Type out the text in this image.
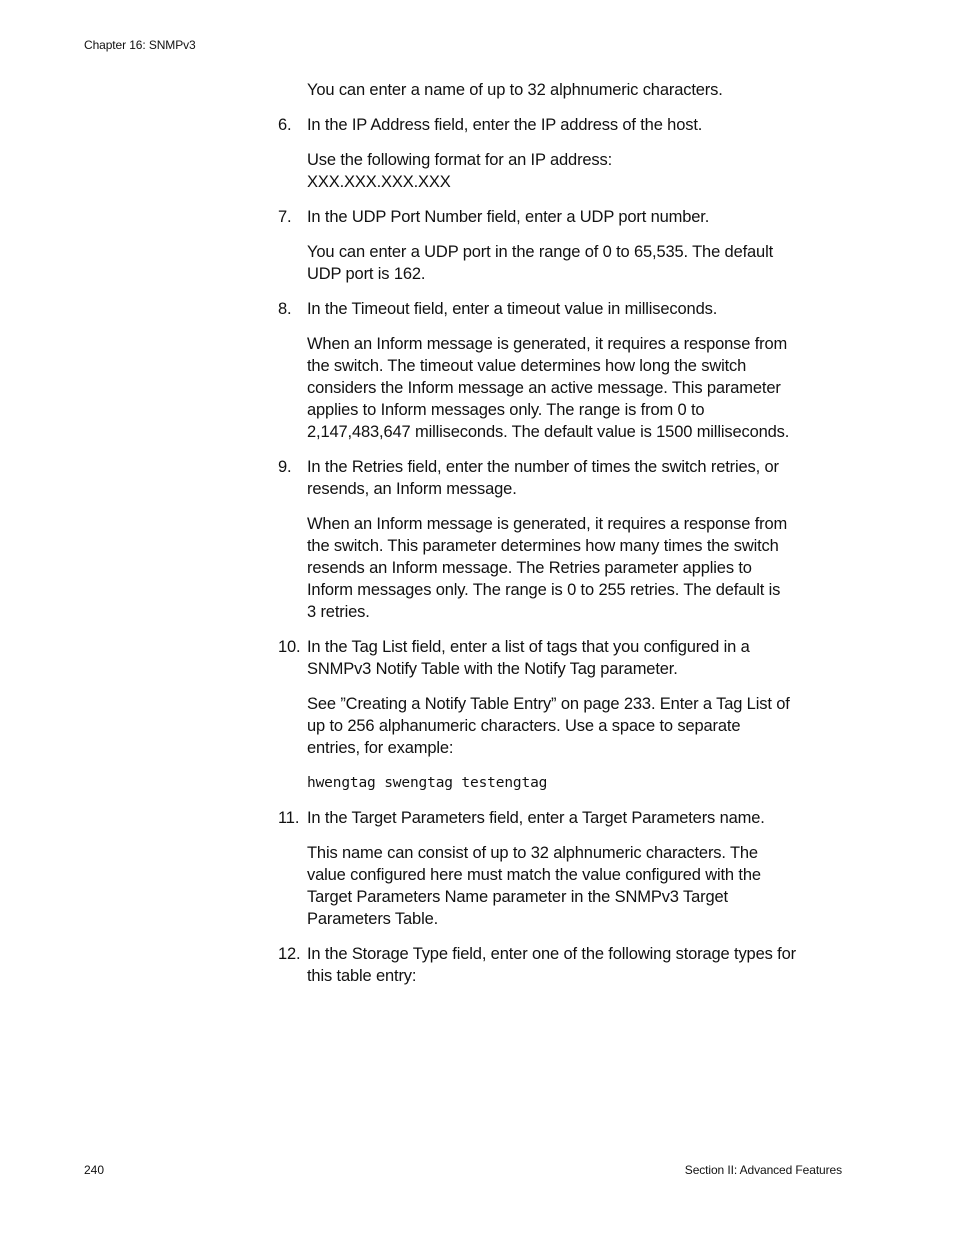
Chapter 16: SNMPv3
You can enter a name of up to 32 alphnumeric characters.
6. In the IP Address field, enter the IP address of the host.
Use the following format for an IP address:
XXX.XXX.XXX.XXX
7. In the UDP Port Number field, enter a UDP port number.
You can enter a UDP port in the range of 0 to 65,535. The default
UDP port is 162.
8. In the Timeout field, enter a timeout value in milliseconds.
When an Inform message is generated, it requires a response from
the switch. The timeout value determines how long the switch
considers the Inform message an active message. This parameter
applies to Inform messages only. The range is from 0 to
2,147,483,647 milliseconds. The default value is 1500 milliseconds.
9. In the Retries field, enter the number of times the switch retries, or
resends, an Inform message.
When an Inform message is generated, it requires a response from
the switch. This parameter determines how many times the switch
resends an Inform message. The Retries parameter applies to
Inform messages only. The range is 0 to 255 retries. The default is
3 retries.
10. In the Tag List field, enter a list of tags that you configured in a
SNMPv3 Notify Table with the Notify Tag parameter.
See ”Creating a Notify Table Entry” on page 233. Enter a Tag List of
up to 256 alphanumeric characters. Use a space to separate
entries, for example:
hwengtag swengtag testengtag
11. In the Target Parameters field, enter a Target Parameters name.
This name can consist of up to 32 alphnumeric characters. The
value configured here must match the value configured with the
Target Parameters Name parameter in the SNMPv3 Target
Parameters Table.
12. In the Storage Type field, enter one of the following storage types for
this table entry:
240	Section II: Advanced Features
